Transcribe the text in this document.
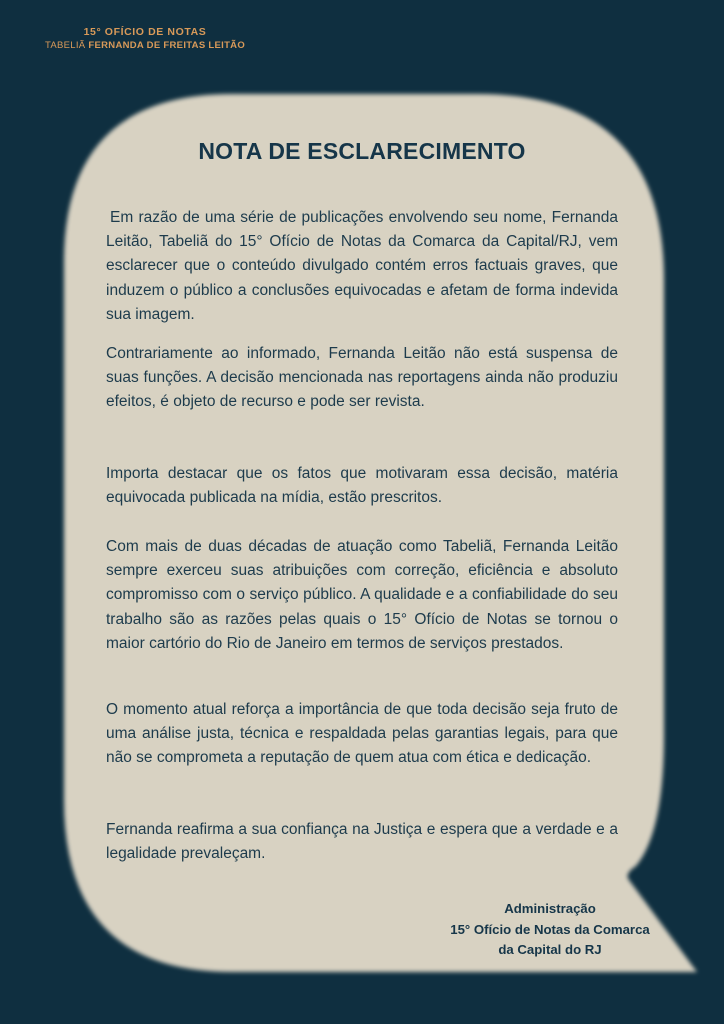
15° OFÍCIO DE NOTAS
TABELIÃ FERNANDA DE FREITAS LEITÃO
NOTA DE ESCLARECIMENTO

Em razão de uma série de publicações envolvendo seu nome, Fernanda Leitão, Tabeliã do 15° Ofício de Notas da Comarca da Capital/RJ, vem esclarecer que o conteúdo divulgado contém erros factuais graves, que induzem o público a conclusões equivocadas e afetam de forma indevida sua imagem.

Contrariamente ao informado, Fernanda Leitão não está suspensa de suas funções. A decisão mencionada nas reportagens ainda não produziu efeitos, é objeto de recurso e pode ser revista.

Importa destacar que os fatos que motivaram essa decisão, matéria equivocada publicada na mídia, estão prescritos.

Com mais de duas décadas de atuação como Tabeliã, Fernanda Leitão sempre exerceu suas atribuições com correção, eficiência e absoluto compromisso com o serviço público. A qualidade e a confiabilidade do seu trabalho são as razões pelas quais o 15° Ofício de Notas se tornou o maior cartório do Rio de Janeiro em termos de serviços prestados.

O momento atual reforça a importância de que toda decisão seja fruto de uma análise justa, técnica e respaldada pelas garantias legais, para que não se comprometa a reputação de quem atua com ética e dedicação.

Fernanda reafirma a sua confiança na Justiça e espera que a verdade e a legalidade prevaleçam.

Administração
15° Ofício de Notas da Comarca
da Capital do RJ
